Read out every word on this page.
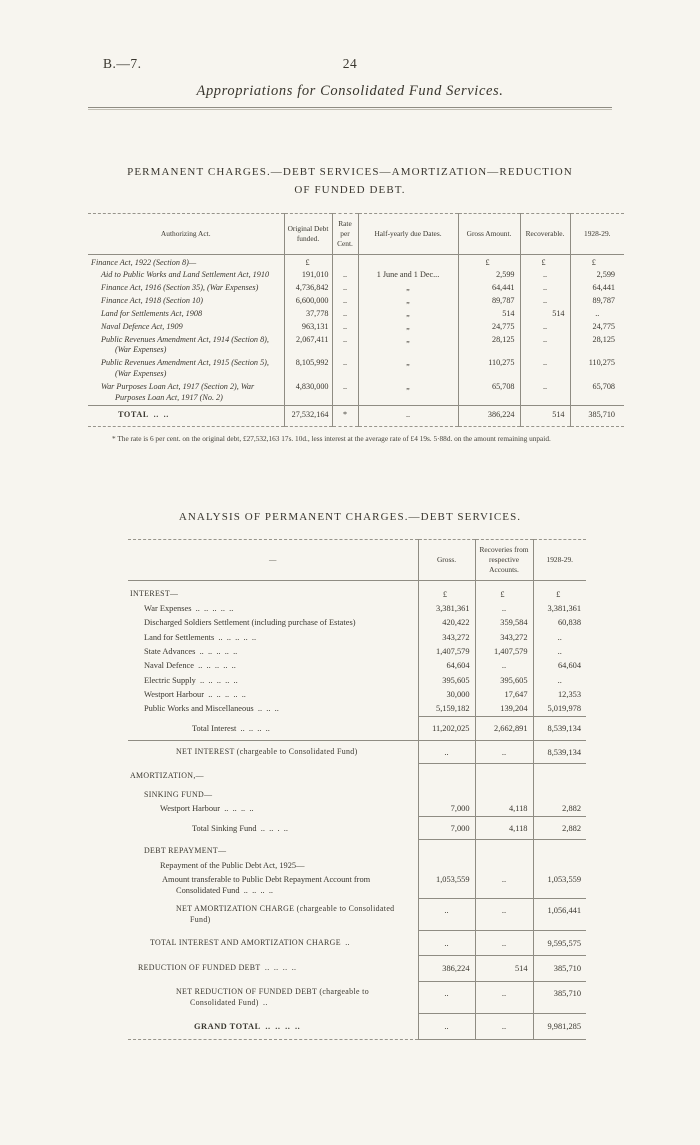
B.—7.	24
Appropriations for Consolidated Fund Services.
PERMANENT CHARGES.—DEBT SERVICES—AMORTIZATION—REDUCTION
OF FUNDED DEBT.
Authorizing Act.	Original Debt funded.	Rate per Cent.	Half-yearly due Dates.	Gross Amount.	Recoverable.	1928-29.
Finance Act, 1922 (Section 8)—	£			£	£	£
Aid to Public Works and Land Settlement Act, 1910	191,010	..	1 June and 1 Dec...	2,599	..	2,599
Finance Act, 1916 (Section 35), (War Expenses)	4,736,842	..	„	64,441	..	64,441
Finance Act, 1918 (Section 10)	6,600,000	..	„	89,787	..	89,787
Land for Settlements Act, 1908	37,778	..	„	514	514	..
Naval Defence Act, 1909	963,131	..	„	24,775	..	24,775
Public Revenues Amendment Act, 1914 (Section 8), (War Expenses)	2,067,411	..	„	28,125	..	28,125
Public Revenues Amendment Act, 1915 (Section 5), (War Expenses)	8,105,992	..	„	110,275	..	110,275
War Purposes Loan Act, 1917 (Section 2), War Purposes Loan Act, 1917 (No. 2)	4,830,000	..	„	65,708	..	65,708
TOTAL .. ..	27,532,164	*	..	386,224	514	385,710
* The rate is 6 per cent. on the original debt, £27,532,163 17s. 10d., less interest at the average rate of £4 19s. 5·88d. on the amount remaining unpaid.
ANALYSIS OF PERMANENT CHARGES.—DEBT SERVICES.
—	Gross.	Recoveries from respective Accounts.	1928-29.
INTEREST—	£	£	£
War Expenses .. .. .. .. ..	3,381,361	..	3,381,361
Discharged Soldiers Settlement (including purchase of Estates)	420,422	359,584	60,838
Land for Settlements .. .. .. .. ..	343,272	343,272	..
State Advances .. .. .. .. ..	1,407,579	1,407,579	..
Naval Defence .. .. .. .. ..	64,604	..	64,604
Electric Supply .. .. .. .. ..	395,605	395,605	..
Westport Harbour .. .. .. .. ..	30,000	17,647	12,353
Public Works and Miscellaneous .. .. ..	5,159,182	139,204	5,019,978
Total Interest .. .. .. ..	11,202,025	2,662,891	8,539,134
NET INTEREST (chargeable to Consolidated Fund)	..	..	8,539,134
AMORTIZATION,—			
SINKING FUND—			
Westport Harbour .. .. .. ..	7,000	4,118	2,882
Total Sinking Fund .. .. . ..	7,000	4,118	2,882
DEBT REPAYMENT—			
Repayment of the Public Debt Act, 1925—			
Amount transferable to Public Debt Repayment Account from Consolidated Fund .. .. .. ..	1,053,559	..	1,053,559
NET AMORTIZATION CHARGE (chargeable to Consolidated Fund)	..	..	1,056,441
TOTAL INTEREST AND AMORTIZATION CHARGE ..	..	..	9,595,575
REDUCTION OF FUNDED DEBT .. .. .. ..	386,224	514	385,710
NET REDUCTION OF FUNDED DEBT (chargeable to Consolidated Fund) ..	..	..	385,710
GRAND TOTAL .. .. .. ..	..	..	9,981,285
